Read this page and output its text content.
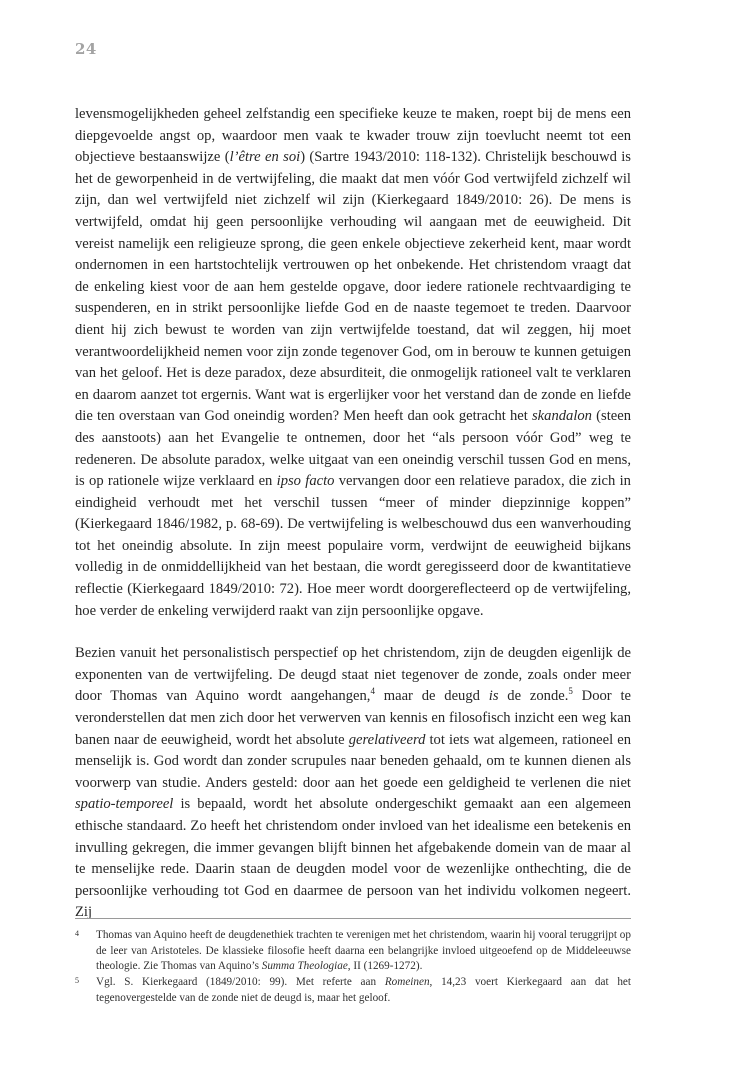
24

levensmogelijkheden geheel zelfstandig een specifieke keuze te maken, roept bij de mens een diepgevoelde angst op, waardoor men vaak te kwader trouw zijn toevlucht neemt tot een objectieve bestaanswijze (l’être en soi) (Sartre 1943/2010: 118-132). Christelijk beschouwd is het de geworpenheid in de vertwijfeling, die maakt dat men vóór God vertwijfeld zichzelf wil zijn, dan wel vertwijfeld niet zichzelf wil zijn (Kierkegaard 1849/2010: 26). De mens is vertwijfeld, omdat hij geen persoonlijke verhouding wil aangaan met de eeuwigheid. Dit vereist namelijk een religieuze sprong, die geen enkele objectieve zekerheid kent, maar wordt ondernomen in een hartstochtelijk vertrouwen op het onbekende. Het christendom vraagt dat de enkeling kiest voor de aan hem gestelde opgave, door iedere rationele rechtvaardiging te suspenderen, en in strikt persoonlijke liefde God en de naaste tegemoet te treden. Daarvoor dient hij zich bewust te worden van zijn vertwijfelde toestand, dat wil zeggen, hij moet verantwoordelijkheid nemen voor zijn zonde tegenover God, om in berouw te kunnen getuigen van het geloof. Het is deze paradox, deze absurditeit, die onmogelijk rationeel valt te verklaren en daarom aanzet tot ergernis. Want wat is ergerlijker voor het verstand dan de zonde en liefde die ten overstaan van God oneindig worden? Men heeft dan ook getracht het skandalon (steen des aanstoots) aan het Evangelie te ontnemen, door het “als persoon vóór God” weg te redeneren. De absolute paradox, welke uitgaat van een oneindig verschil tussen God en mens, is op rationele wijze verklaard en ipso facto vervangen door een relatieve paradox, die zich in eindigheid verhoudt met het verschil tussen “meer of minder diepzinnige koppen” (Kierkegaard 1846/1982, p. 68-69). De vertwijfeling is welbeschouwd dus een wanverhouding tot het oneindig absolute. In zijn meest populaire vorm, verdwijnt de eeuwigheid bijkans volledig in de onmiddellijkheid van het bestaan, die wordt geregisseerd door de kwantitatieve reflectie (Kierkegaard 1849/2010: 72). Hoe meer wordt doorgereflecteerd op de vertwijfeling, hoe verder de enkeling verwijderd raakt van zijn persoonlijke opgave.

Bezien vanuit het personalistisch perspectief op het christendom, zijn de deugden eigenlijk de exponenten van de vertwijfeling. De deugd staat niet tegenover de zonde, zoals onder meer door Thomas van Aquino wordt aangehangen,$^4$ maar de deugd is de zonde.$^5$ Door te veronderstellen dat men zich door het verwerven van kennis en filosofisch inzicht een weg kan banen naar de eeuwigheid, wordt het absolute gerelativeerd tot iets wat algemeen, rationeel en menselijk is. God wordt dan zonder scrupules naar beneden gehaald, om te kunnen dienen als voorwerp van studie. Anders gesteld: door aan het goede een geldigheid te verlenen die niet spatio-temporeel is bepaald, wordt het absolute ondergeschikt gemaakt aan een algemeen ethische standaard. Zo heeft het christendom onder invloed van het idealisme een betekenis en invulling gekregen, die immer gevangen blijft binnen het afgebakende domein van de maar al te menselijke rede. Daarin staan de deugden model voor de wezenlijke onthechting, die de persoonlijke verhouding tot God en daarmee de persoon van het individu volkomen negeert. Zij

4 Thomas van Aquino heeft de deugdenethiek trachten te verenigen met het christendom, waarin hij vooral teruggrijpt op de leer van Aristoteles. De klassieke filosofie heeft daarna een belangrijke invloed uitgeoefend op de Middeleeuwse theologie. Zie Thomas van Aquino’s Summa Theologiae, II (1269-1272).
5 Vgl. S. Kierkegaard (1849/2010: 99). Met referte aan Romeinen, 14,23 voert Kierkegaard aan dat het tegenovergestelde van de zonde niet de deugd is, maar het geloof.
